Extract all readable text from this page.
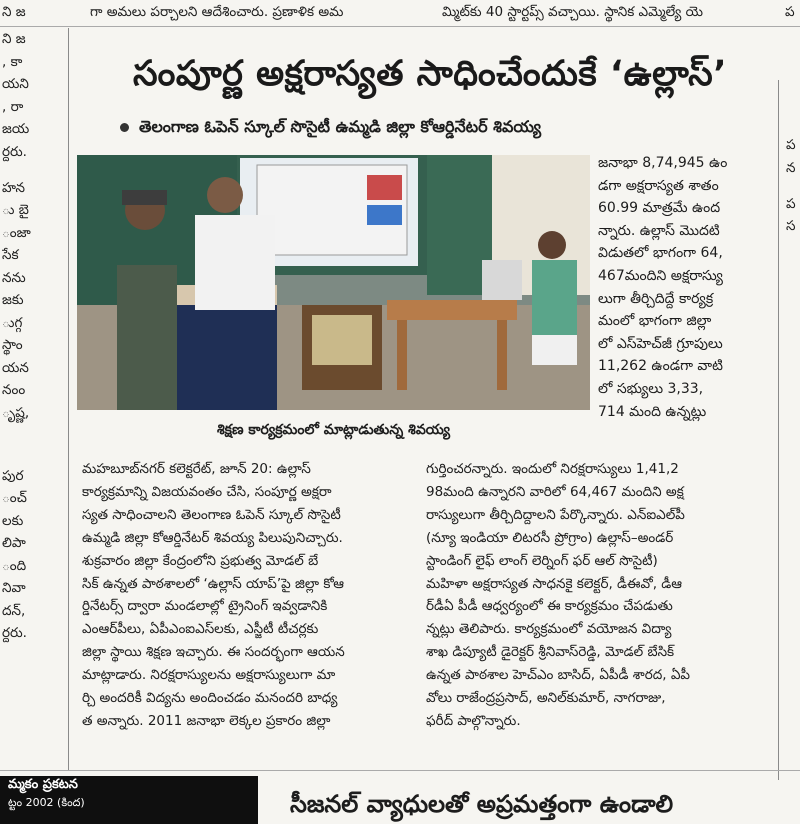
ని జ	గా అమలు పర్చాలని ఆదేశించారు. ప్రణాళిక అమ	మ్మిట్‌కు 40 స్టార్టప్స్ వచ్చాయి. స్థానిక ఎమ్మెల్యే యె	ప
ని జ
, కా
యని
, రా
జయ
ర్దరు.
హన
ు బై
ంజా
సేక
నను
జకు
ుగ్గ
స్థాం
యన
నంం
ృష్ణ,
పుర
ంచ్
లకు
లిపా
ంది
నివా
దన్,
ర్దరు.
ప
న
ప
స
సంపూర్ణ అక్షరాస్యత సాధించేందుకే ‘ఉల్లాస్’
తెలంగాణ ఓపెన్ స్కూల్ సొసైటీ ఉమ్మడి జిల్లా కోఆర్డినేటర్ శివయ్య
శిక్షణ కార్యక్రమంలో మాట్లాడుతున్న శివయ్య
జనాభా 8,74,945 ఉం
డగా అక్షరాస్యత శాతం
60.99 మాత్రమే ఉంద
న్నారు. ఉల్లాస్ మొదటి
విడుతలో భాగంగా 64,
467మందిని అక్షరాస్యు
లుగా తీర్చిదిద్దే కార్యక్ర
మంలో భాగంగా జిల్లా
లో ఎస్‌హెచ్‌జీ గ్రూపులు
11,262 ఉండగా వాటి
లో సభ్యులు 3,33,
714 మంది ఉన్నట్లు
మహబూబ్‌నగర్ కలెక్టరేట్, జూన్ 20: ఉల్లాస్
కార్యక్రమాన్ని విజయవంతం చేసి, సంపూర్ణ అక్షరా
స్యత సాధించాలని తెలంగాణ ఓపెన్ స్కూల్ సొసైటీ
ఉమ్మడి జిల్లా కోఆర్డినేటర్ శివయ్య పిలుపునిచ్చారు.
శుక్రవారం జిల్లా కేంద్రంలోని ప్రభుత్వ మోడల్ బే
సిక్ ఉన్నత పాఠశాలలో ‘ఉల్లాస్ యాప్’పై జిల్లా కోఆ
ర్డినేటర్స్ ద్వారా మండలాల్లో ట్రైనింగ్ ఇవ్వడానికి
ఎంఆర్‌పీలు, ఏపీఎంఐఎస్‌లకు, ఎస్జీటీ టీచర్లకు
జిల్లా స్థాయి శిక్షణ ఇచ్చారు. ఈ సందర్భంగా ఆయన
మాట్లాడారు. నిరక్షరాస్యులను అక్షరాస్యులుగా మా
ర్చి అందరికీ విద్యను అందించడం మనందరి బాధ్య
త అన్నారు. 2011 జనాభా లెక్కల ప్రకారం జిల్లా
గుర్తించరన్నారు. ఇందులో నిరక్షరాస్యులు 1,41,2
98మంది ఉన్నారని వారిలో 64,467 మందిని అక్ష
రాస్యులుగా తీర్చిదిద్దాలని పేర్కొన్నారు. ఎన్‌ఐఎల్‌పీ
(న్యూ ఇండియా లిటరసీ ప్రోగ్రాం) ఉల్లాస్–అండర్
స్టాండింగ్ లైఫ్ లాంగ్ లెర్నింగ్ ఫర్ ఆల్ సొసైటీ)
మహిళా అక్షరాస్యత సాధనకై కలెక్టర్, డీఈవో, డీఆ
ర్‌డీఏ పీడీ ఆధ్వర్యంలో ఈ కార్యక్రమం చేపడుతు
న్నట్లు తెలిపారు. కార్యక్రమంలో వయోజన విద్యా
శాఖ డిప్యూటీ డైరెక్టర్ శ్రీనివాస్‌రెడ్డి, మోడల్ బేసిక్
ఉన్నత పాఠశాల హెచ్‌ఎం బాసిద్, ఏపీడీ శారద, ఏపీ
వోలు రాజేంద్రప్రసాద్, అనిల్‌కుమార్, నాగరాజు,
ఫరీద్ పాల్గొన్నారు.
మ్మకం ప్రకటన
ట్టం 2002 (కింద)	సీజనల్ వ్యాధులతో అప్రమత్తంగా ఉండాలి
